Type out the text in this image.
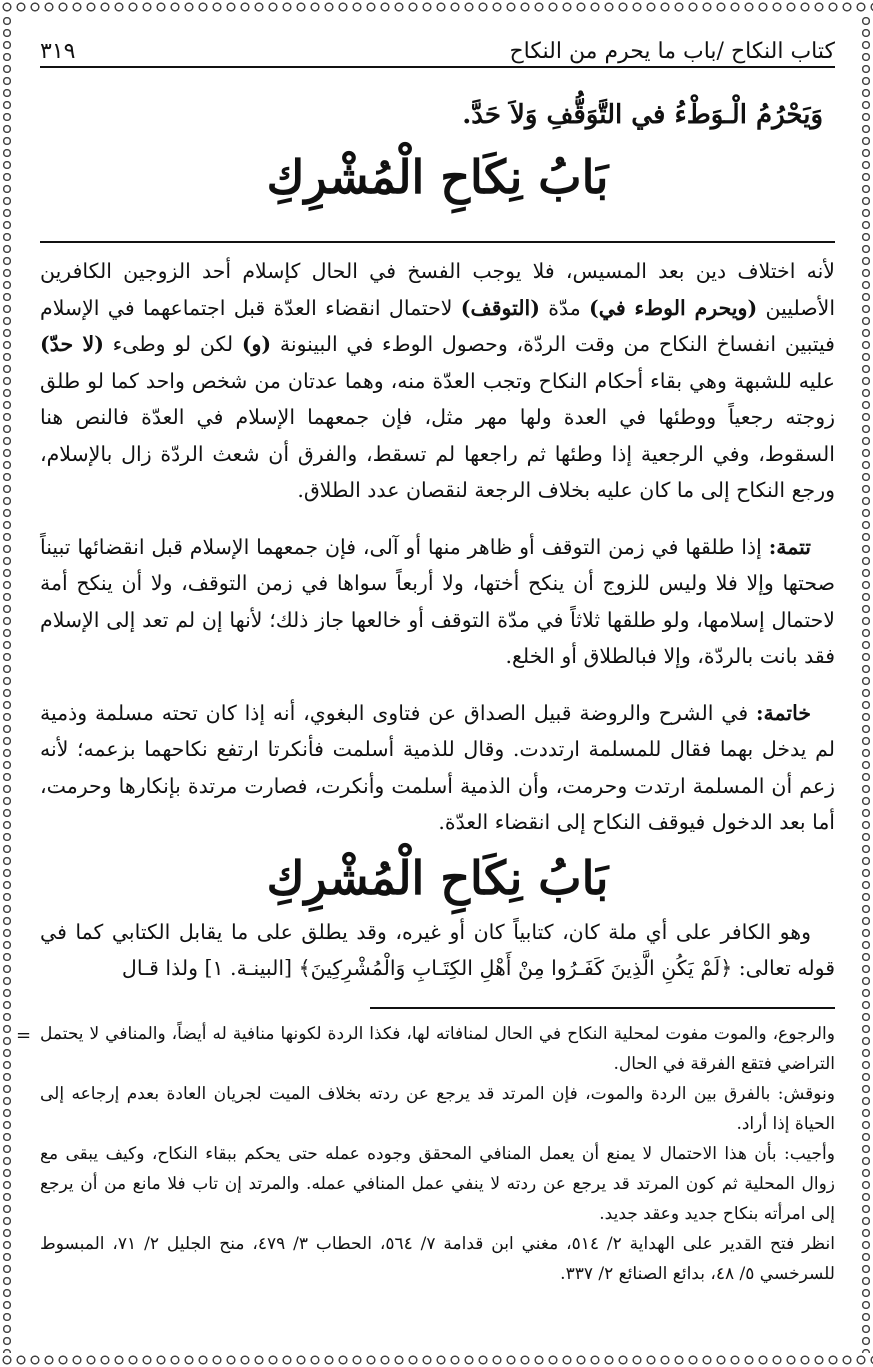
كتاب النكاح /باب ما يحرم من النكاح
٣١٩
وَيَحْرُمُ الْـوَطْءُ في التَّوَقُّفِ وَلاَ حَدَّ.
بَابُ نِكَاحِ الْمُشْرِكِ

لأنه اختلاف دين بعد المسيس، فلا يوجب الفسخ في الحال كإسلام أحد الزوجين الكافرين الأصليين (ويحرم الوطء في) مدّة (التوقف) لاحتمال انقضاء العدّة قبل اجتماعهما في الإسلام فيتبين انفساخ النكاح من وقت الردّة، وحصول الوطء في البينونة (و) لكن لو وطىء (لا حدّ) عليه للشبهة وهي بقاء أحكام النكاح وتجب العدّة منه، وهما عدتان من شخص واحد كما لو طلق زوجته رجعياً ووطئها في العدة ولها مهر مثل، فإن جمعهما الإسلام في العدّة فالنص هنا السقوط، وفي الرجعية إذا وطئها ثم راجعها لم تسقط، والفرق أن شعث الردّة زال بالإسلام، ورجع النكاح إلى ما كان عليه بخلاف الرجعة لنقصان عدد الطلاق.

تتمة: إذا طلقها في زمن التوقف أو ظاهر منها أو آلى، فإن جمعهما الإسلام قبل انقضائها تبيناً صحتها وإلا فلا وليس للزوج أن ينكح أختها، ولا أربعاً سواها في زمن التوقف، ولا أن ينكح أمة لاحتمال إسلامها، ولو طلقها ثلاثاً في مدّة التوقف أو خالعها جاز ذلك؛ لأنها إن لم تعد إلى الإسلام فقد بانت بالردّة، وإلا فبالطلاق أو الخلع.

خاتمة: في الشرح والروضة قبيل الصداق عن فتاوى البغوي، أنه إذا كان تحته مسلمة وذمية لم يدخل بهما فقال للمسلمة ارتددت. وقال للذمية أسلمت فأنكرتا ارتفع نكاحهما بزعمه؛ لأنه زعم أن المسلمة ارتدت وحرمت، وأن الذمية أسلمت وأنكرت، فصارت مرتدة بإنكارها وحرمت، أما بعد الدخول فيوقف النكاح إلى انقضاء العدّة.

بَابُ نِكَاحِ الْمُشْرِكِ

وهو الكافر على أي ملة كان، كتابياً كان أو غيره، وقد يطلق على ما يقابل الكتابي كما في قوله تعالى: ﴿لَمْ يَكُنِ الَّذِينَ كَفَـرُوا مِنْ أَهْلِ الكِتَـابِ وَالْمُشْرِكِينَ﴾ [البينـة. ١] ولذا قـال

= والرجوع، والموت مفوت لمحلية النكاح في الحال لمنافاته لها، فكذا الردة لكونها منافية له أيضاً، والمنافي لا يحتمل التراضي فتقع الفرقة في الحال.

ونوقش: بالفرق بين الردة والموت، فإن المرتد قد يرجع عن ردته بخلاف الميت لجريان العادة بعدم إرجاعه إلى الحياة إذا أراد.

وأجيب: بأن هذا الاحتمال لا يمنع أن يعمل المنافي المحقق وجوده عمله حتى يحكم ببقاء النكاح، وكيف يبقى مع زوال المحلية ثم كون المرتد قد يرجع عن ردته لا ينفي عمل المنافي عمله. والمرتد إن تاب فلا مانع من أن يرجع إلى امرأته بنكاح جديد وعقد جديد.

انظر فتح القدير على الهداية ٢/ ٥١٤، مغني ابن قدامة ٧/ ٥٦٤، الحطاب ٣/ ٤٧٩، منح الجليل ٢/ ٧١، المبسوط للسرخسي ٥/ ٤٨، بدائع الصنائع ٢/ ٣٣٧.
